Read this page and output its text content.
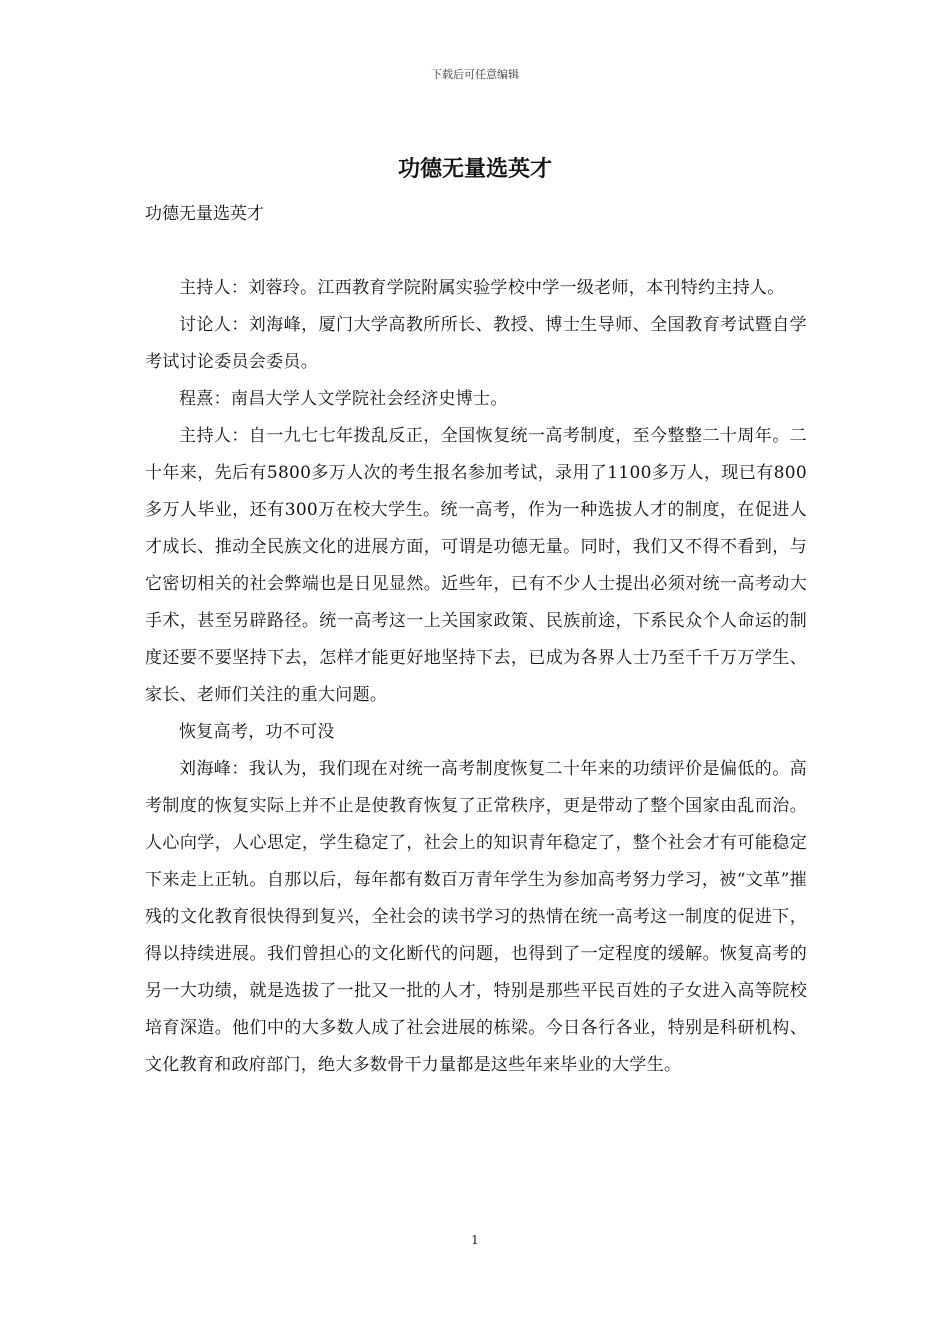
下载后可任意编辑
功德无量选英才
功德无量选英才

主持人：刘蓉玲。江西教育学院附属实验学校中学一级老师，本刊特约主持人。

讨论人：刘海峰，厦门大学高教所所长、教授、博士生导师、全国教育考试暨自学考试讨论委员会委员。

程熹：南昌大学人文学院社会经济史博士。

主持人：自一九七七年拨乱反正，全国恢复统一高考制度，至今整整二十周年。二十年来，先后有5800多万人次的考生报名参加考试，录用了1100多万人，现已有800多万人毕业，还有300万在校大学生。统一高考，作为一种选拔人才的制度，在促进人才成长、推动全民族文化的进展方面，可谓是功德无量。同时，我们又不得不看到，与它密切相关的社会弊端也是日见显然。近些年，已有不少人士提出必须对统一高考动大手术，甚至另辟路径。统一高考这一上关国家政策、民族前途，下系民众个人命运的制度还要不要坚持下去，怎样才能更好地坚持下去，已成为各界人士乃至千千万万学生、家长、老师们关注的重大问题。

恢复高考，功不可没

刘海峰：我认为，我们现在对统一高考制度恢复二十年来的功绩评价是偏低的。高考制度的恢复实际上并不止是使教育恢复了正常秩序，更是带动了整个国家由乱而治。人心向学，人心思定，学生稳定了，社会上的知识青年稳定了，整个社会才有可能稳定下来走上正轨。自那以后，每年都有数百万青年学生为参加高考努力学习，被“文革”摧残的文化教育很快得到复兴，全社会的读书学习的热情在统一高考这一制度的促进下，得以持续进展。我们曾担心的文化断代的问题，也得到了一定程度的缓解。恢复高考的另一大功绩，就是选拔了一批又一批的人才，特别是那些平民百姓的子女进入高等院校培育深造。他们中的大多数人成了社会进展的栋梁。今日各行各业，特别是科研机构、文化教育和政府部门，绝大多数骨干力量都是这些年来毕业的大学生。

1
